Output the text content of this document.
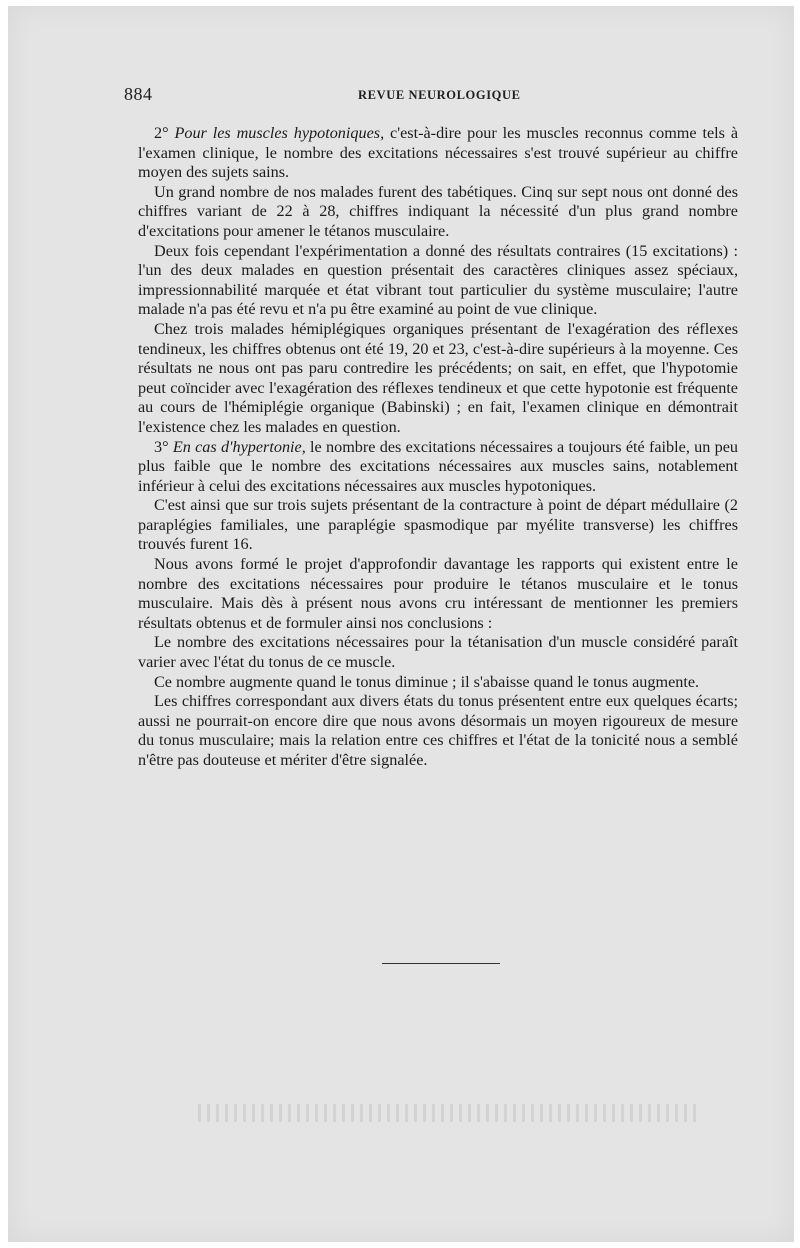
884	REVUE NEUROLOGIQUE

2° Pour les muscles hypotoniques, c'est-à-dire pour les muscles reconnus comme tels à l'examen clinique, le nombre des excitations nécessaires s'est trouvé supérieur au chiffre moyen des sujets sains.

Un grand nombre de nos malades furent des tabétiques. Cinq sur sept nous ont donné des chiffres variant de 22 à 28, chiffres indiquant la nécessité d'un plus grand nombre d'excitations pour amener le tétanos musculaire.

Deux fois cependant l'expérimentation a donné des résultats contraires (15 excitations) : l'un des deux malades en question présentait des caractères cliniques assez spéciaux, impressionnabilité marquée et état vibrant tout particulier du système musculaire; l'autre malade n'a pas été revu et n'a pu être examiné au point de vue clinique.

Chez trois malades hémiplégiques organiques présentant de l'exagération des réflexes tendineux, les chiffres obtenus ont été 19, 20 et 23, c'est-à-dire supérieurs à la moyenne. Ces résultats ne nous ont pas paru contredire les précédents; on sait, en effet, que l'hypotomie peut coïncider avec l'exagération des réflexes tendineux et que cette hypotonie est fréquente au cours de l'hémiplégie organique (Babinski) ; en fait, l'examen clinique en démontrait l'existence chez les malades en question.

3° En cas d'hypertonie, le nombre des excitations nécessaires a toujours été faible, un peu plus faible que le nombre des excitations nécessaires aux muscles sains, notablement inférieur à celui des excitations nécessaires aux muscles hypotoniques.

C'est ainsi que sur trois sujets présentant de la contracture à point de départ médullaire (2 paraplégies familiales, une paraplégie spasmodique par myélite transverse) les chiffres trouvés furent 16.

Nous avons formé le projet d'approfondir davantage les rapports qui existent entre le nombre des excitations nécessaires pour produire le tétanos musculaire et le tonus musculaire. Mais dès à présent nous avons cru intéressant de mentionner les premiers résultats obtenus et de formuler ainsi nos conclusions :

Le nombre des excitations nécessaires pour la tétanisation d'un muscle considéré paraît varier avec l'état du tonus de ce muscle.

Ce nombre augmente quand le tonus diminue ; il s'abaisse quand le tonus augmente.

Les chiffres correspondant aux divers états du tonus présentent entre eux quelques écarts; aussi ne pourrait-on encore dire que nous avons désormais un moyen rigoureux de mesure du tonus musculaire; mais la relation entre ces chiffres et l'état de la tonicité nous a semblé n'être pas douteuse et mériter d'être signalée.
